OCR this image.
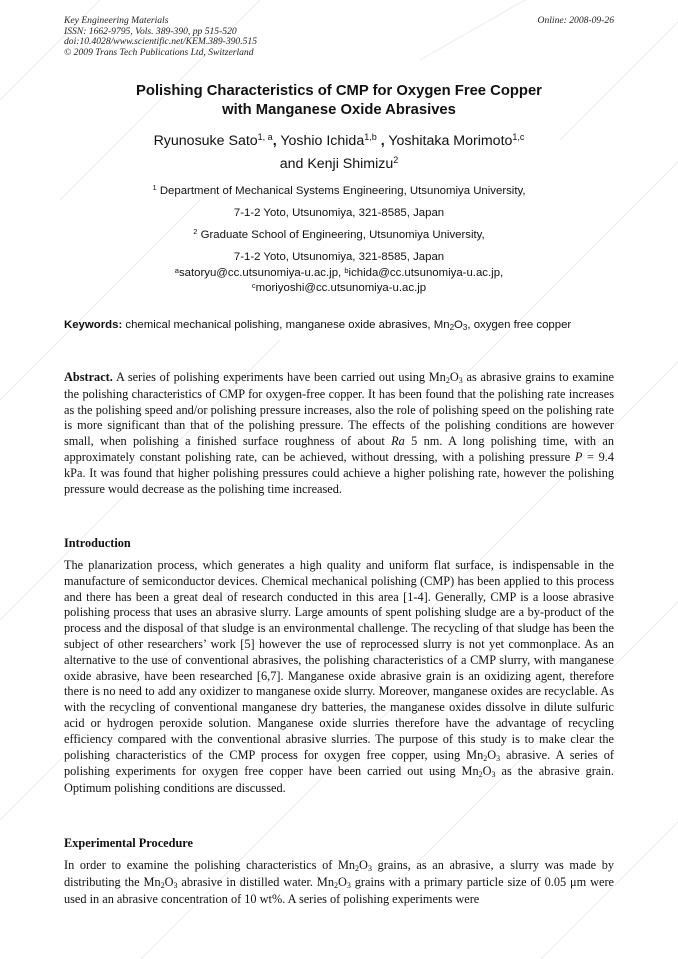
Key Engineering Materials
ISSN: 1662-9795, Vols. 389-390, pp 515-520
doi:10.4028/www.scientific.net/KEM.389-390.515
© 2009 Trans Tech Publications Ltd, Switzerland
Online: 2008-09-26
Polishing Characteristics of CMP for Oxygen Free Copper
with Manganese Oxide Abrasives
Ryunosuke Sato$^{1, a}$, Yoshio Ichida$^{1,b}$ , Yoshitaka Morimoto$^{1,c}$
and Kenji Shimizu$^2$
$^1$ Department of Mechanical Systems Engineering, Utsunomiya University,
7-1-2 Yoto, Utsunomiya, 321-8585, Japan
$^2$ Graduate School of Engineering, Utsunomiya University,
7-1-2 Yoto, Utsunomiya, 321-8585, Japan
$^a$satoryu@cc.utsunomiya-u.ac.jp, $^b$ichida@cc.utsunomiya-u.ac.jp,
$^c$moriyoshi@cc.utsunomiya-u.ac.jp
Keywords: chemical mechanical polishing, manganese oxide abrasives, $Mn_2O_3$, oxygen free copper

Abstract. A series of polishing experiments have been carried out using $Mn_2O_3$ as abrasive grains to examine the polishing characteristics of CMP for oxygen-free copper. It has been found that the polishing rate increases as the polishing speed and/or polishing pressure increases, also the role of polishing speed on the polishing rate is more significant than that of the polishing pressure. The effects of the polishing conditions are however small, when polishing a finished surface roughness of about Ra 5 nm. A long polishing time, with an approximately constant polishing rate, can be achieved, without dressing, with a polishing pressure P = 9.4 kPa. It was found that higher polishing pressures could achieve a higher polishing rate, however the polishing pressure would decrease as the polishing time increased.

Introduction

The planarization process, which generates a high quality and uniform flat surface, is indispensable in the manufacture of semiconductor devices. Chemical mechanical polishing (CMP) has been applied to this process and there has been a great deal of research conducted in this area [1-4]. Generally, CMP is a loose abrasive polishing process that uses an abrasive slurry. Large amounts of spent polishing sludge are a by-product of the process and the disposal of that sludge is an environmental challenge. The recycling of that sludge has been the subject of other researchers’ work [5] however the use of reprocessed slurry is not yet commonplace. As an alternative to the use of conventional abrasives, the polishing characteristics of a CMP slurry, with manganese oxide abrasive, have been researched [6,7]. Manganese oxide abrasive grain is an oxidizing agent, therefore there is no need to add any oxidizer to manganese oxide slurry. Moreover, manganese oxides are recyclable. As with the recycling of conventional manganese dry batteries, the manganese oxides dissolve in dilute sulfuric acid or hydrogen peroxide solution. Manganese oxide slurries therefore have the advantage of recycling efficiency compared with the conventional abrasive slurries. The purpose of this study is to make clear the polishing characteristics of the CMP process for oxygen free copper, using $Mn_2O_3$ abrasive. A series of polishing experiments for oxygen free copper have been carried out using $Mn_2O_3$ as the abrasive grain. Optimum polishing conditions are discussed.

Experimental Procedure

In order to examine the polishing characteristics of $Mn_2O_3$ grains, as an abrasive, a slurry was made by distributing the $Mn_2O_3$ abrasive in distilled water. $Mn_2O_3$ grains with a primary particle size of 0.05 μm were used in an abrasive concentration of 10 wt%. A series of polishing experiments were
